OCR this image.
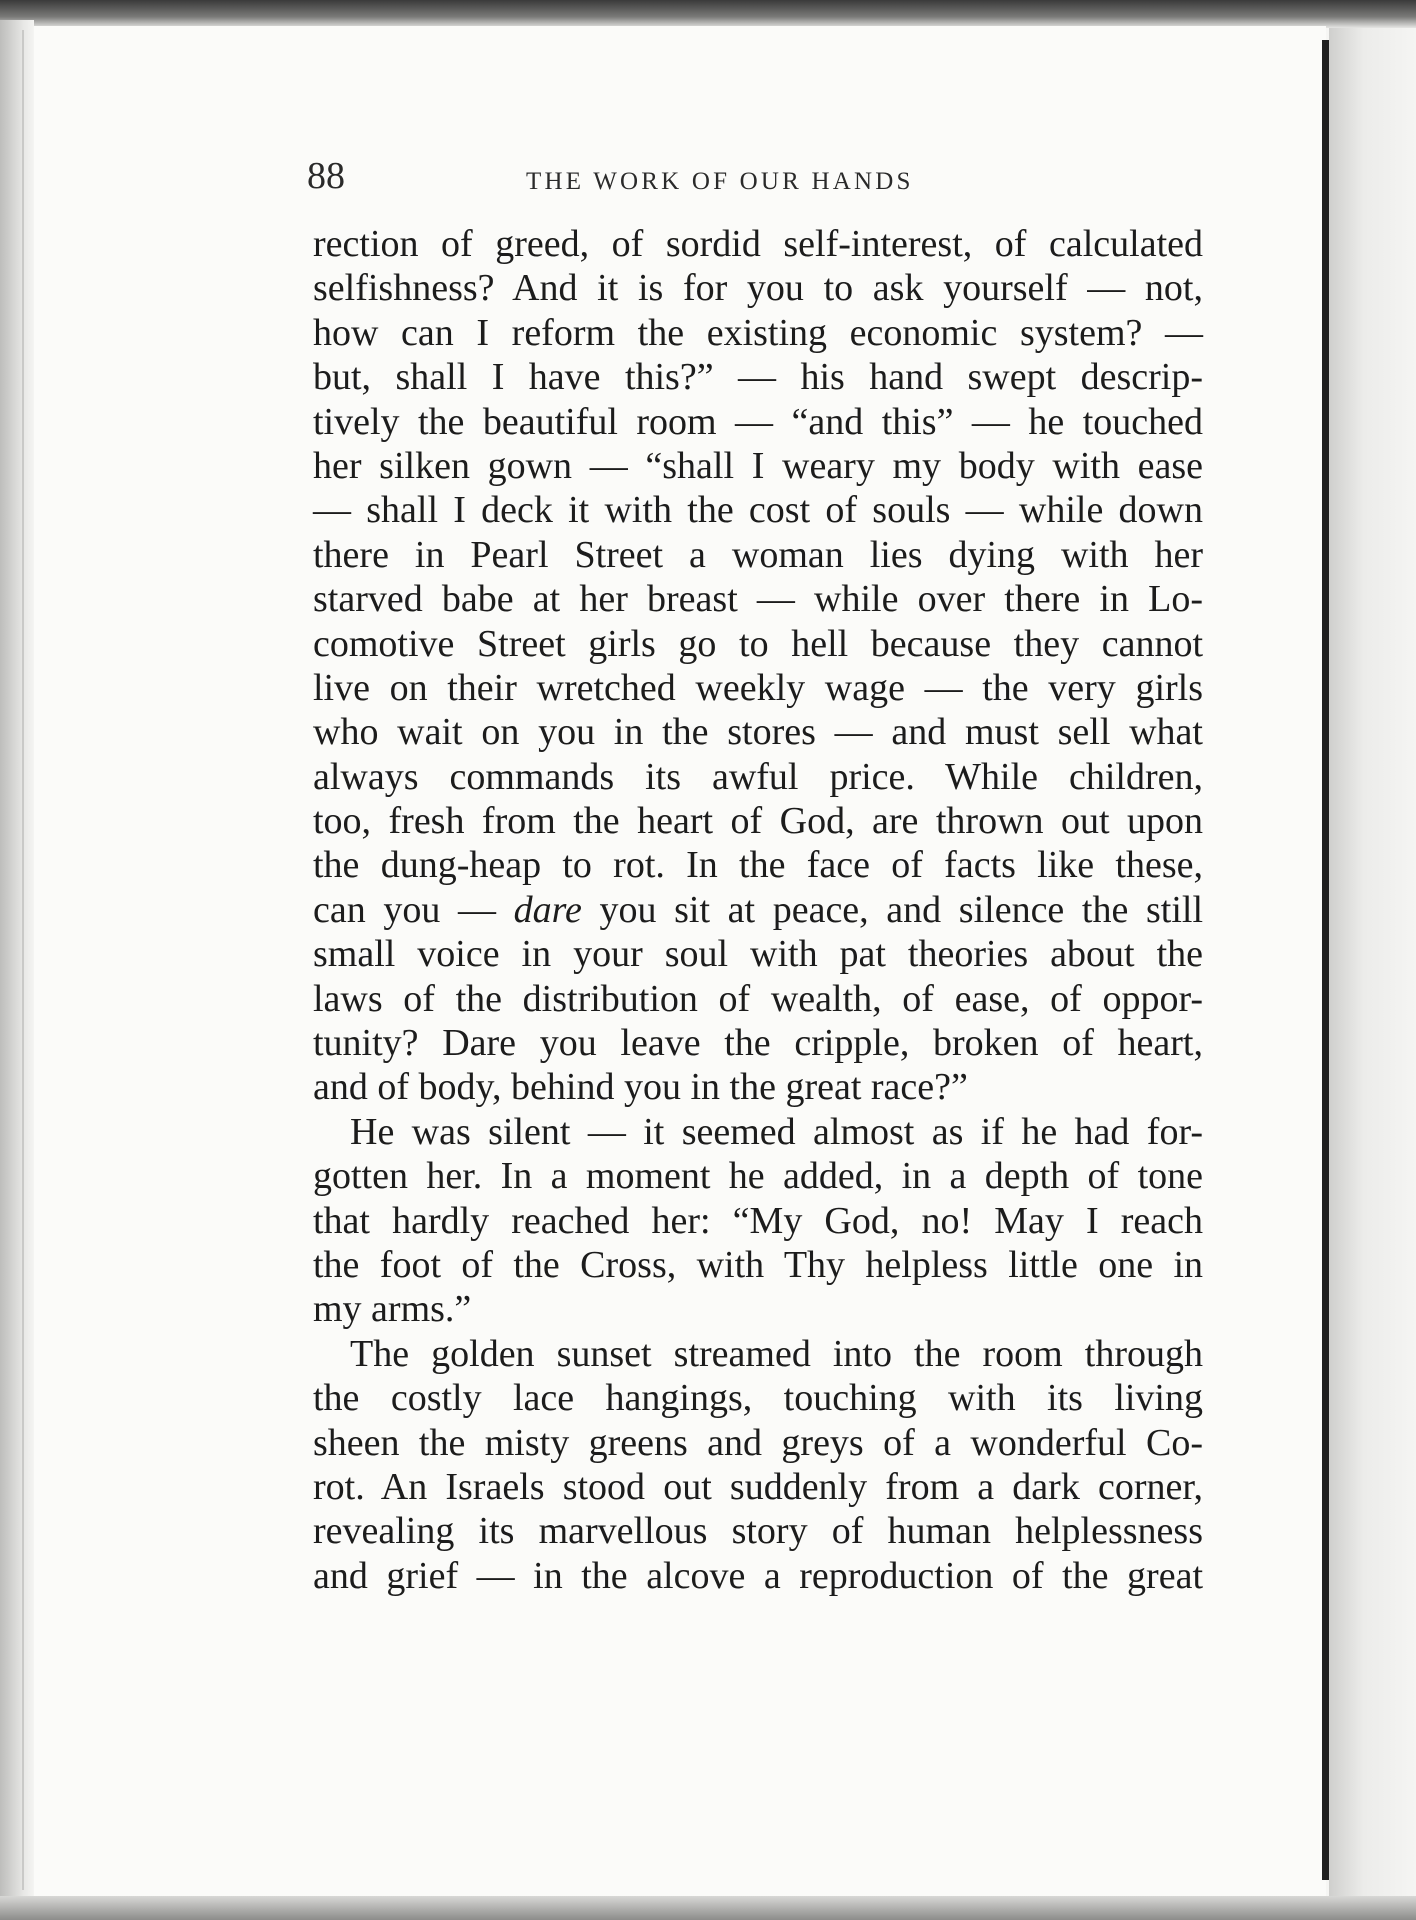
88	THE WORK OF OUR HANDS
rection of greed, of sordid self-interest, of calculated
selfishness? And it is for you to ask yourself — not,
how can I reform the existing economic system? —
but, shall I have this?” — his hand swept descrip-
tively the beautiful room — “and this” — he touched
her silken gown — “shall I weary my body with ease
— shall I deck it with the cost of souls — while down
there in Pearl Street a woman lies dying with her
starved babe at her breast — while over there in Lo-
comotive Street girls go to hell because they cannot
live on their wretched weekly wage — the very girls
who wait on you in the stores — and must sell what
always commands its awful price. While children,
too, fresh from the heart of God, are thrown out upon
the dung-heap to rot. In the face of facts like these,
can you — dare you sit at peace, and silence the still
small voice in your soul with pat theories about the
laws of the distribution of wealth, of ease, of oppor-
tunity? Dare you leave the cripple, broken of heart,
and of body, behind you in the great race?”
He was silent — it seemed almost as if he had for-
gotten her. In a moment he added, in a depth of tone
that hardly reached her: “My God, no! May I reach
the foot of the Cross, with Thy helpless little one in
my arms.”
The golden sunset streamed into the room through
the costly lace hangings, touching with its living
sheen the misty greens and greys of a wonderful Co-
rot. An Israels stood out suddenly from a dark corner,
revealing its marvellous story of human helplessness
and grief — in the alcove a reproduction of the great
